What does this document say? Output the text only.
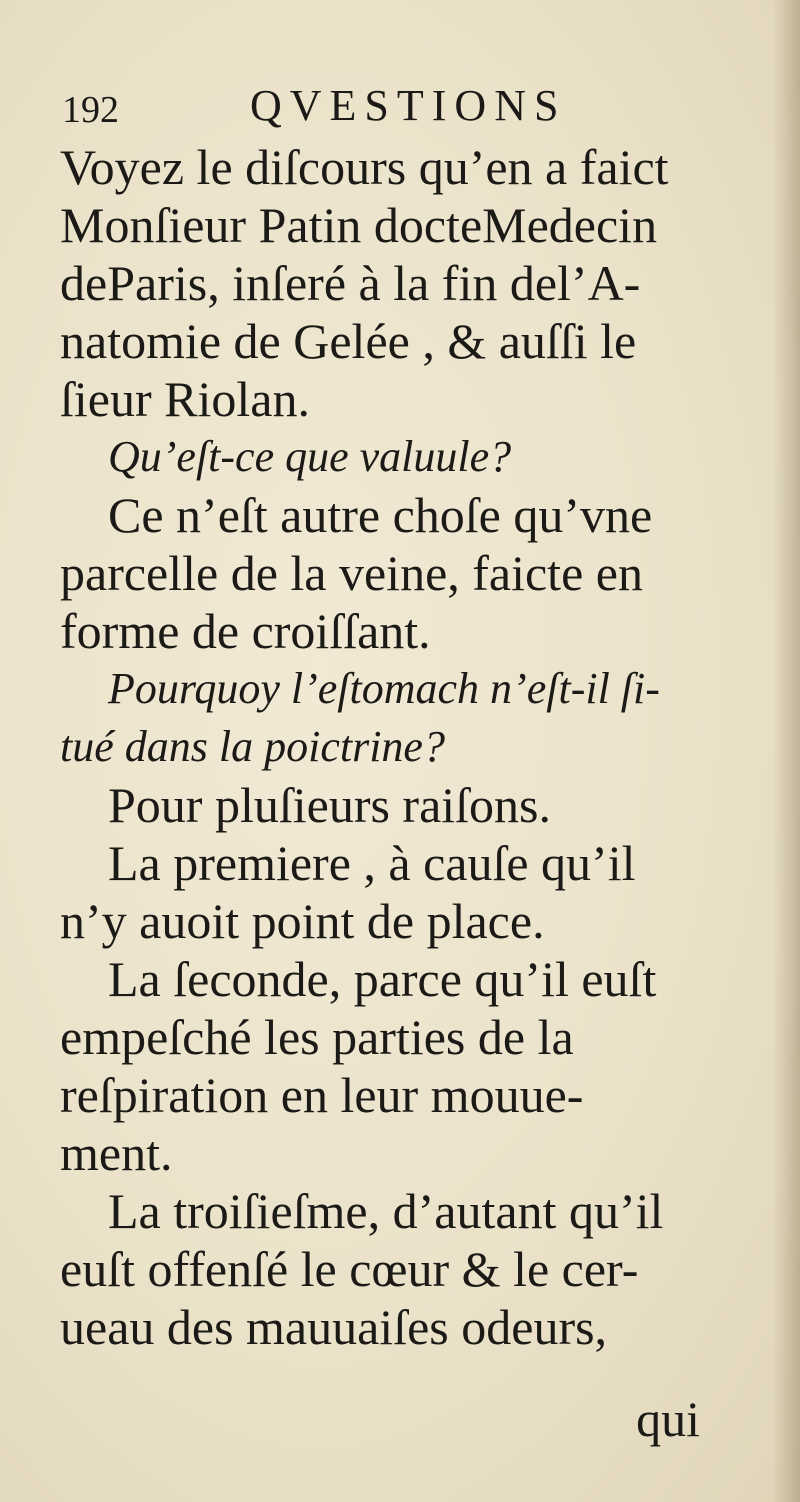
192	QVESTIONS
Voyez le diſcours qu’en a faict
Monſieur Patin docteMedecin
deParis, inſeré à la fin del’A-
natomie de Gelée , & auſſi le
ſieur Riolan.
Qu’eſt-ce que valuule?
Ce n’eſt autre choſe qu’vne
parcelle de la veine, faicte en
forme de croiſſant.
Pourquoy l’eſtomach n’eſt-il ſi-
tué dans la poictrine?
Pour pluſieurs raiſons.
La premiere , à cauſe qu’il
n’y auoit point de place.
La ſeconde, parce qu’il euſt
empeſché les parties de la
reſpiration en leur mouue-
ment.
La troiſieſme, d’autant qu’il
euſt offenſé le cœur & le cer-
ueau des mauuaiſes odeurs,
qui
